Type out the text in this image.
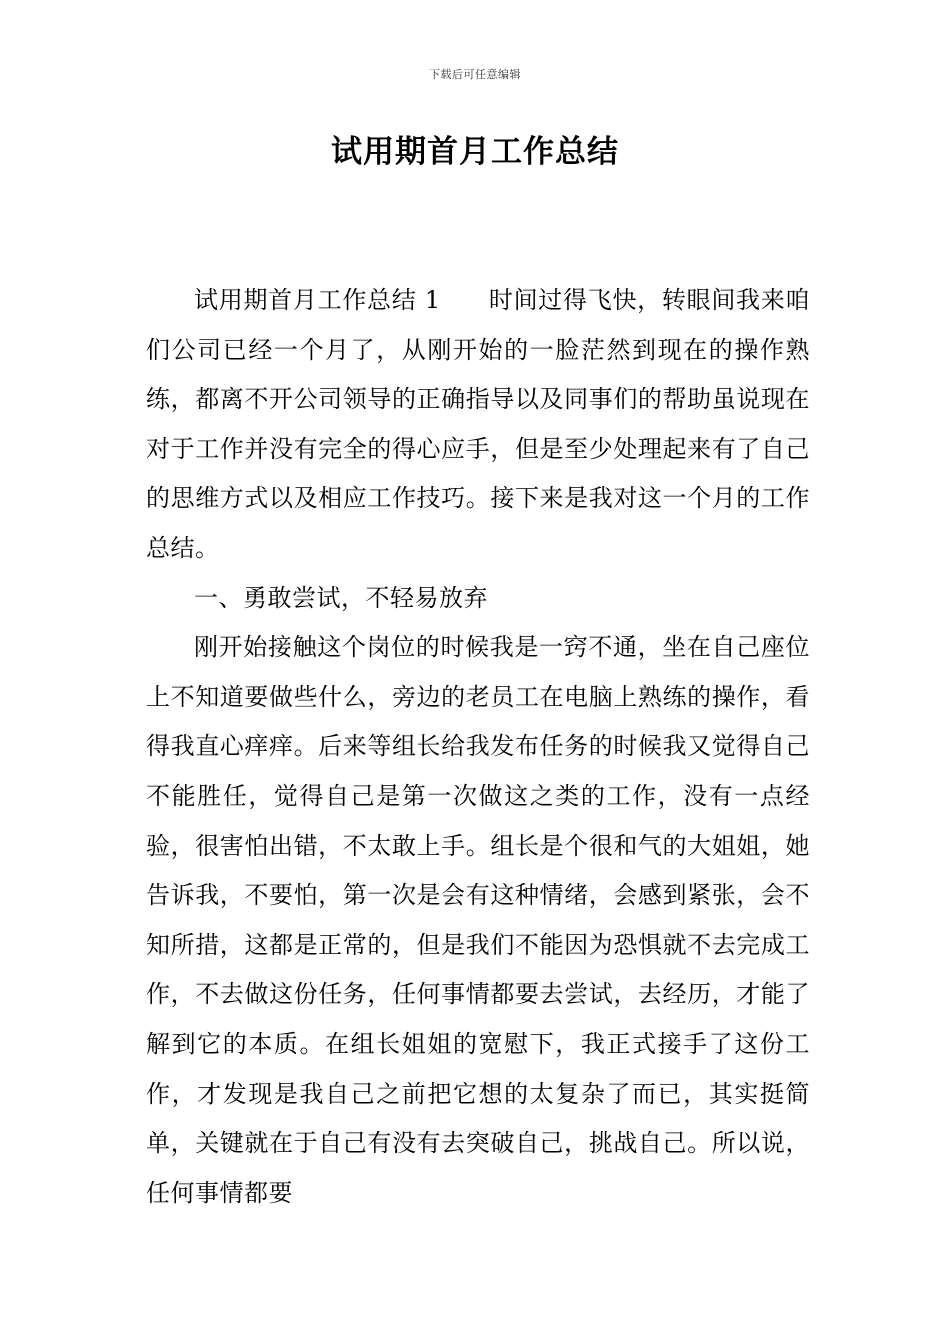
下载后可任意编辑
试用期首月工作总结

试用期首月工作总结 1 时间过得飞快，转眼间我来咱们公司已经一个月了，从刚开始的一脸茫然到现在的操作熟练，都离不开公司领导的正确指导以及同事们的帮助虽说现在对于工作并没有完全的得心应手，但是至少处理起来有了自己的思维方式以及相应工作技巧。接下来是我对这一个月的工作总结。

一、勇敢尝试，不轻易放弃

刚开始接触这个岗位的时候我是一窍不通，坐在自己座位上不知道要做些什么，旁边的老员工在电脑上熟练的操作，看得我直心痒痒。后来等组长给我发布任务的时候我又觉得自己不能胜任，觉得自己是第一次做这之类的工作，没有一点经验，很害怕出错，不太敢上手。组长是个很和气的大姐姐，她告诉我，不要怕，第一次是会有这种情绪，会感到紧张，会不知所措，这都是正常的，但是我们不能因为恐惧就不去完成工作，不去做这份任务，任何事情都要去尝试，去经历，才能了解到它的本质。在组长姐姐的宽慰下，我正式接手了这份工作，才发现是我自己之前把它想的太复杂了而已，其实挺简单，关键就在于自己有没有去突破自己，挑战自己。所以说，任何事情都要
